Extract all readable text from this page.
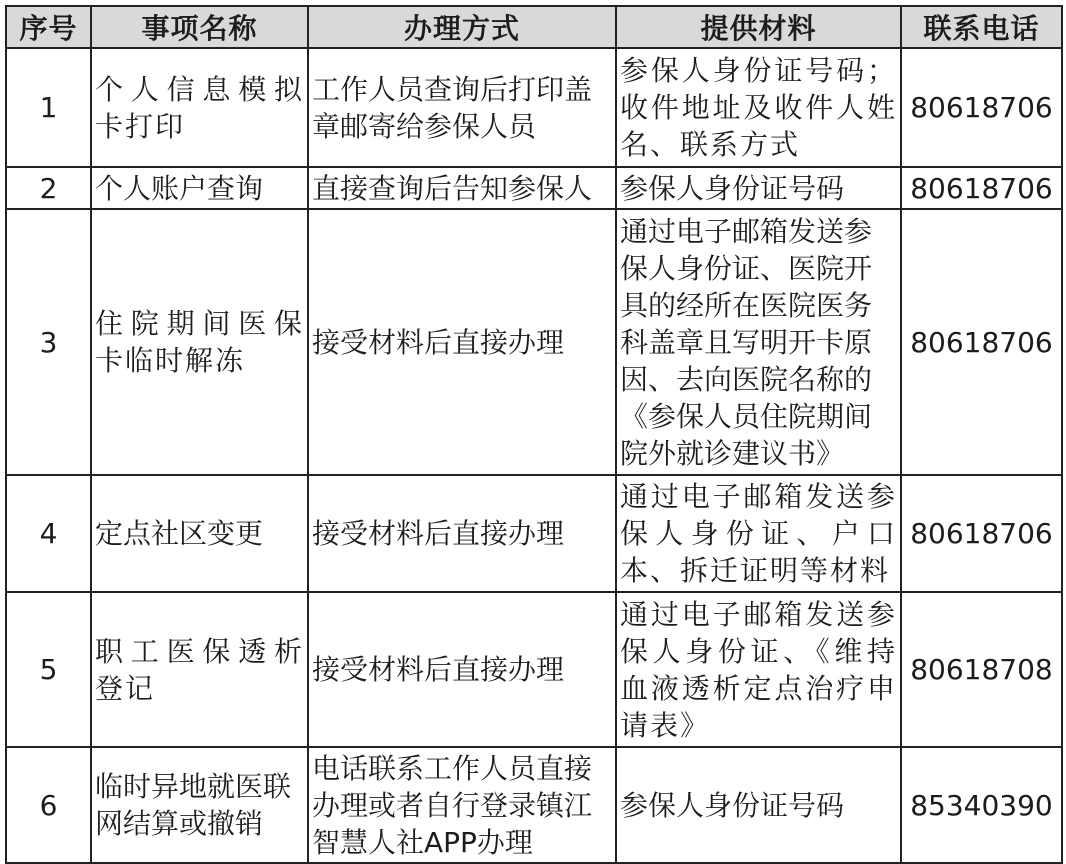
序号	事项名称	办理方式	提供材料	联系电话
1	个人信息模拟卡打印	工作人员查询后打印盖章邮寄给参保人员	参保人身份证号码；收件地址及收件人姓名、联系方式	80618706
2	个人账户查询	直接查询后告知参保人	参保人身份证号码	80618706
3	住院期间医保卡临时解冻	接受材料后直接办理	通过电子邮箱发送参保人身份证、医院开具的经所在医院医务科盖章且写明开卡原因、去向医院名称的《参保人员住院期间院外就诊建议书》	80618706
4	定点社区变更	接受材料后直接办理	通过电子邮箱发送参保人身份证、户口本、拆迁证明等材料	80618706
5	职工医保透析登记	接受材料后直接办理	通过电子邮箱发送参保人身份证、《维持血液透析定点治疗申请表》	80618708
6	临时异地就医联网结算或撤销	电话联系工作人员直接办理或者自行登录镇江智慧人社APP办理	参保人身份证号码	85340390
